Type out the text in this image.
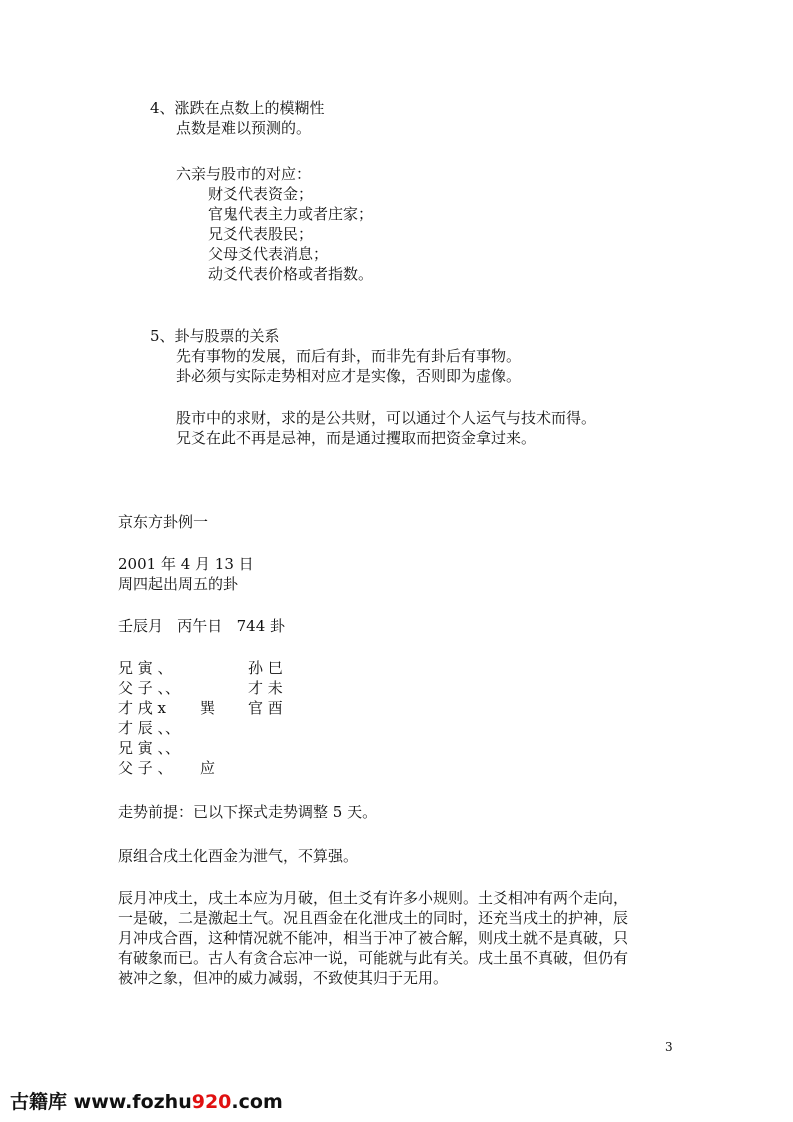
4、涨跌在点数上的模糊性
点数是难以预测的。
六亲与股市的对应：
财爻代表资金；
官鬼代表主力或者庄家；
兄爻代表股民；
父母爻代表消息；
动爻代表价格或者指数。
5、卦与股票的关系
先有事物的发展，而后有卦，而非先有卦后有事物。
卦必须与实际走势相对应才是实像，否则即为虚像。
股市中的求财，求的是公共财，可以通过个人运气与技术而得。
兄爻在此不再是忌神，而是通过攫取而把资金拿过来。
京东方卦例一
2001 年 4 月 13 日
周四起出周五的卦
壬辰月   丙午日   744 卦
兄 寅 、
父 子 、、
才 戌 x
才 辰 、、
兄 寅 、、
父 子 、
巽
应
孙 巳
才 未
官 酉
走势前提：已以下探式走势调整 5 天。
原组合戌土化酉金为泄气，不算强。
辰月冲戌土，戌土本应为月破，但土爻有许多小规则。土爻相冲有两个走向，
一是破，二是激起土气。况且酉金在化泄戌土的同时，还充当戌土的护神，辰
月冲戌合酉，这种情况就不能冲，相当于冲了被合解，则戌土就不是真破，只
有破象而已。古人有贪合忘冲一说，可能就与此有关。戌土虽不真破，但仍有
被冲之象，但冲的威力减弱，不致使其归于无用。
3
古籍库 www.fozhu920.com
